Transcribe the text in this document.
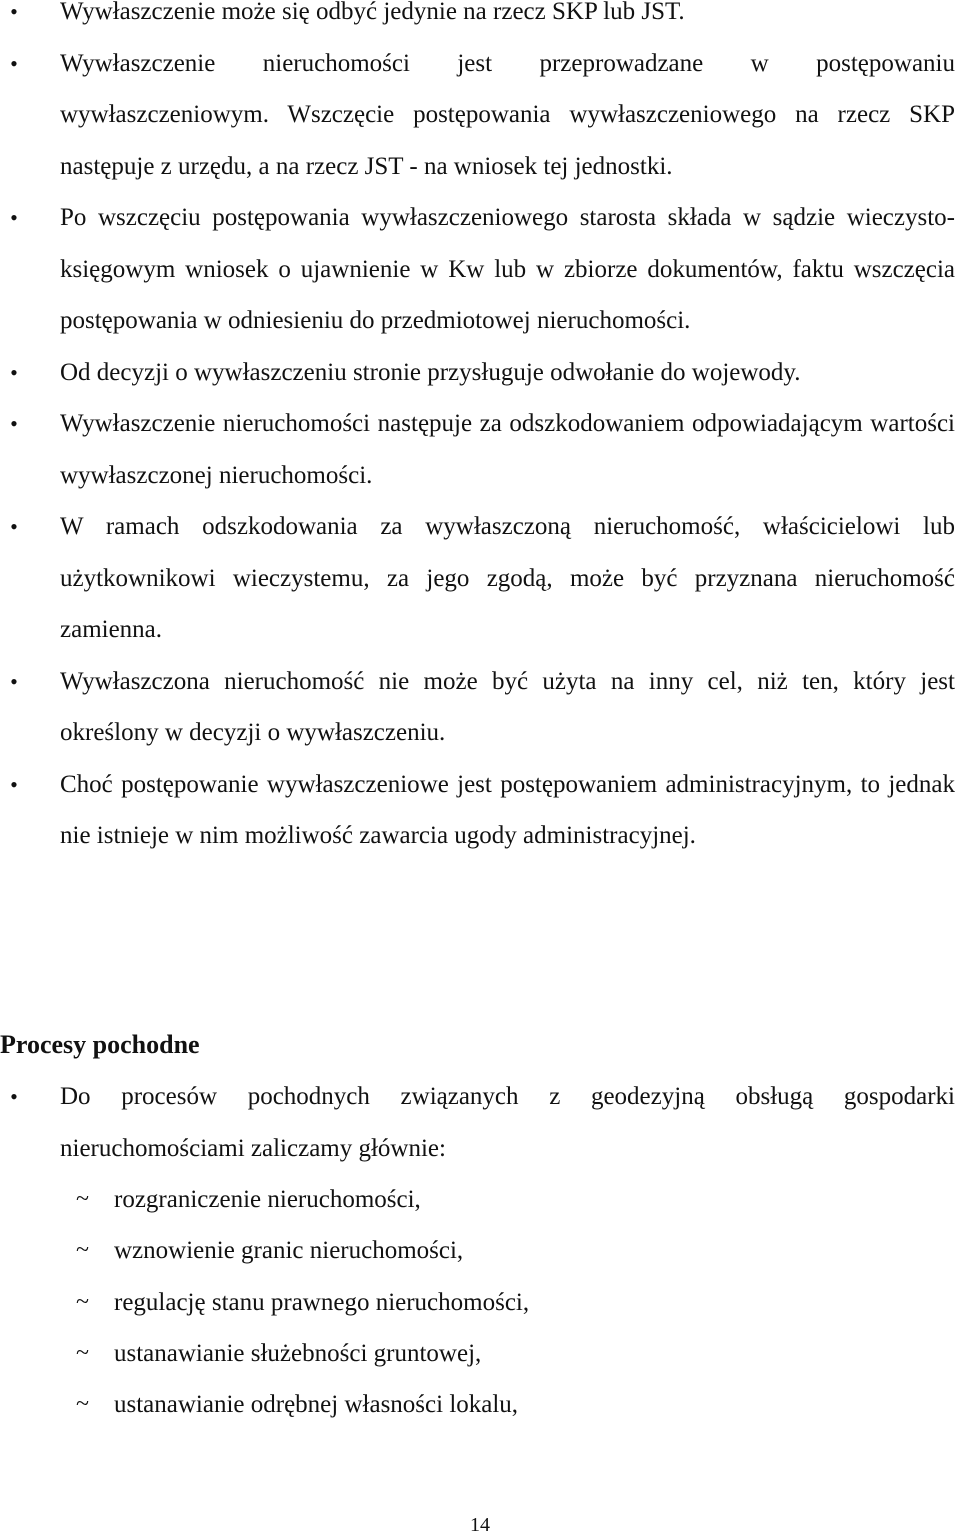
• Wywłaszczenie może się odbyć jedynie na rzecz SKP lub JST.
• Wywłaszczenie nieruchomości jest przeprowadzane w postępowaniu wywłaszczeniowym. Wszczęcie postępowania wywłaszczeniowego na rzecz SKP następuje z urzędu, a na rzecz JST - na wniosek tej jednostki.
• Po wszczęciu postępowania wywłaszczeniowego starosta składa w sądzie wieczysto-księgowym wniosek o ujawnienie w Kw lub w zbiorze dokumentów, faktu wszczęcia postępowania w odniesieniu do przedmiotowej nieruchomości.
• Od decyzji o wywłaszczeniu stronie przysługuje odwołanie do wojewody.
• Wywłaszczenie nieruchomości następuje za odszkodowaniem odpowiadającym wartości wywłaszczonej nieruchomości.
• W ramach odszkodowania za wywłaszczoną nieruchomość, właścicielowi lub użytkownikowi wieczystemu, za jego zgodą, może być przyznana nieruchomość zamienna.
• Wywłaszczona nieruchomość nie może być użyta na inny cel, niż ten, który jest określony w decyzji o wywłaszczeniu.
• Choć postępowanie wywłaszczeniowe jest postępowaniem administracyjnym, to jednak nie istnieje w nim możliwość zawarcia ugody administracyjnej.
Procesy pochodne
• Do procesów pochodnych związanych z geodezyjną obsługą gospodarki nieruchomościami zaliczamy głównie:
~ rozgraniczenie nieruchomości,
~ wznowienie granic nieruchomości,
~ regulację stanu prawnego nieruchomości,
~ ustanawianie służebności gruntowej,
~ ustanawianie odrębnej własności lokalu,
14
